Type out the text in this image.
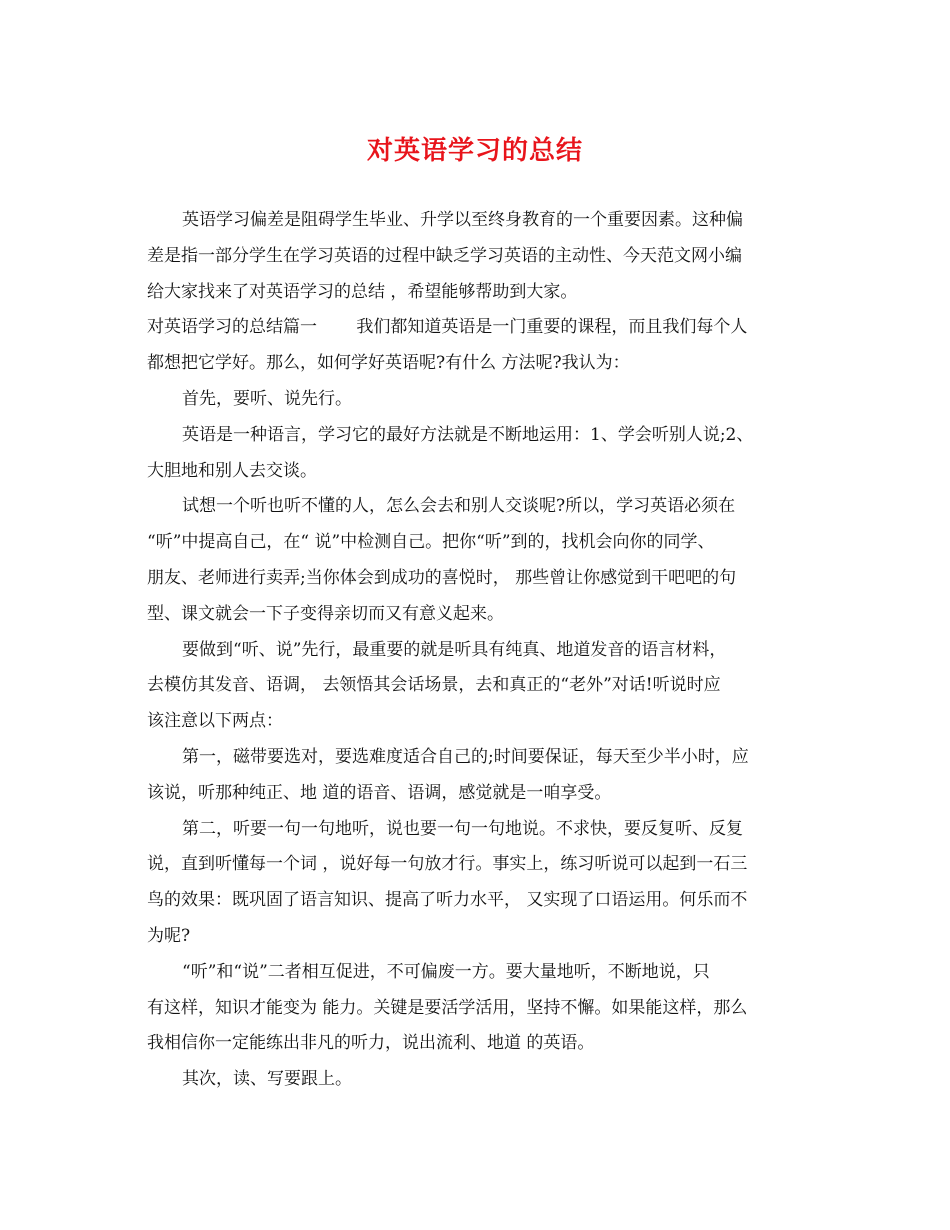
对英语学习的总结

英语学习偏差是阻碍学生毕业、升学以至终身教育的一个重要因素。这种偏

差是指一部分学生在学习英语的过程中缺乏学习英语的主动性、今天范文网小编

给大家找来了对英语学习的总结 ，希望能够帮助到大家。

对英语学习的总结篇一　　 我们都知道英语是一门重要的课程，而且我们每个人

都想把它学好。那么，如何学好英语呢?有什么 方法呢?我认为：

首先，要听、说先行。

英语是一种语言，学习它的最好方法就是不断地运用：1、学会听别人说;2、

大胆地和别人去交谈。

试想一个听也听不懂的人，怎么会去和别人交谈呢?所以，学习英语必须在

“听”中提高自己，在“ 说”中检测自己。把你“听”到的，找机会向你的同学、

朋友、老师进行卖弄;当你体会到成功的喜悦时， 那些曾让你感觉到干吧吧的句

型、课文就会一下子变得亲切而又有意义起来。

要做到“听、说”先行，最重要的就是听具有纯真、地道发音的语言材料，

去模仿其发音、语调， 去领悟其会话场景，去和真正的“老外”对话!听说时应

该注意以下两点：

第一，磁带要选对，要选难度适合自己的;时间要保证，每天至少半小时，应

该说，听那种纯正、地 道的语音、语调，感觉就是一咱享受。

第二，听要一句一句地听，说也要一句一句地说。不求快，要反复听、反复

说，直到听懂每一个词 ，说好每一句放才行。事实上，练习听说可以起到一石三

鸟的效果：既巩固了语言知识、提高了听力水平， 又实现了口语运用。何乐而不

为呢?

“听”和“说”二者相互促进，不可偏废一方。要大量地听，不断地说，只

有这样，知识才能变为 能力。关键是要活学活用，坚持不懈。如果能这样，那么

我相信你一定能练出非凡的听力，说出流利、地道 的英语。

其次，读、写要跟上。
